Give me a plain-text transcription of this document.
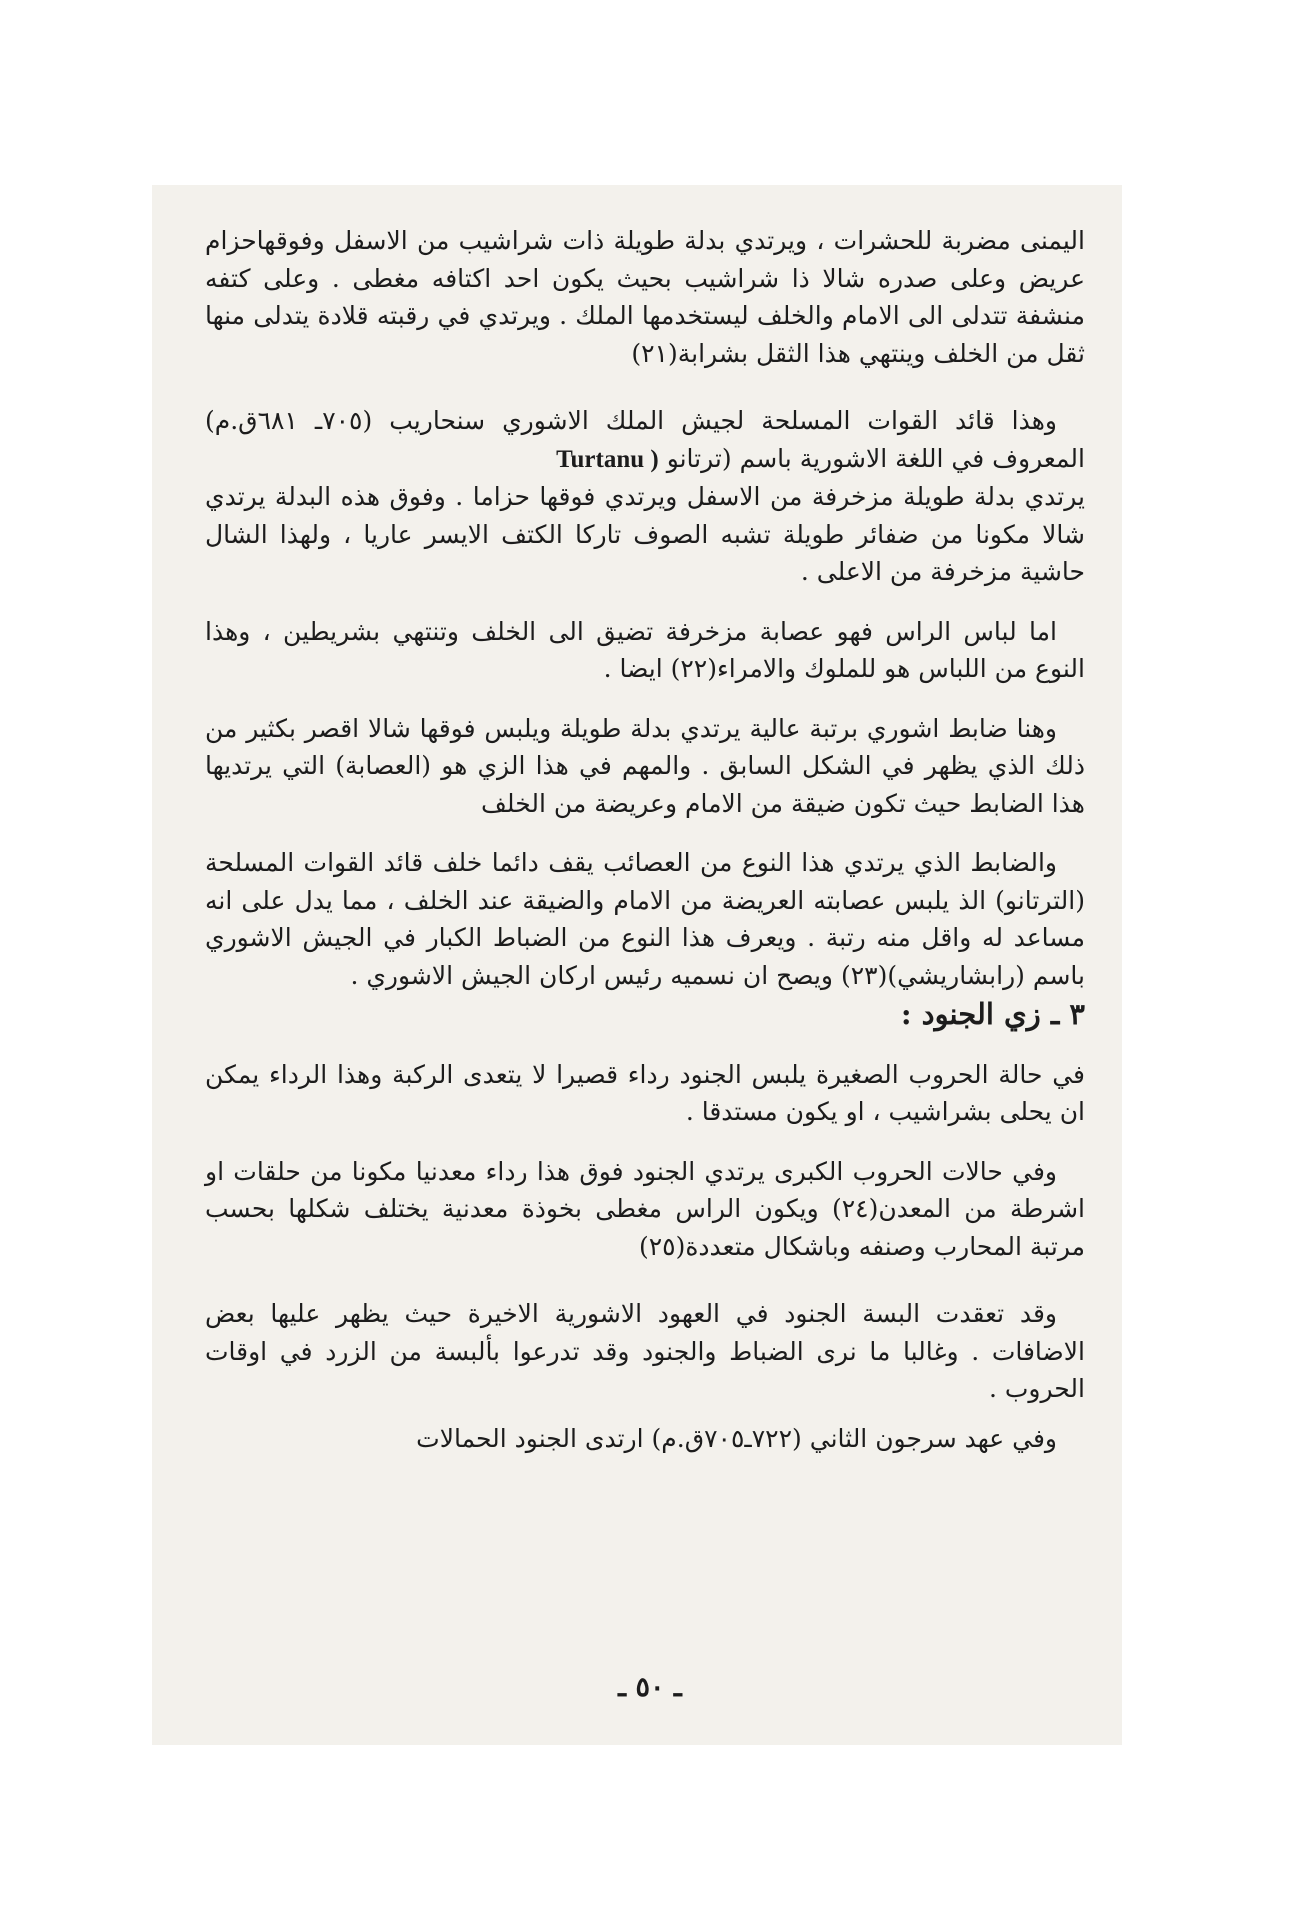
اليمنى مضربة للحشرات ، ويرتدي بدلة طويلة ذات شراشيب من الاسفل وفوقهاحزام عريض وعلى صدره شالا ذا شراشيب بحيث يكون احد اكتافه مغطى . وعلى كتفه منشفة تتدلى الى الامام والخلف ليستخدمها الملك . ويرتدي في رقبته قلادة يتدلى منها ثقل من الخلف وينتهي هذا الثقل بشرابة(٢١)

وهذا قائد القوات المسلحة لجيش الملك الاشوري سنحاريب (٧٠٥ـ ٦٨١ق.م) المعروف في اللغة الاشورية باسم (ترتانو Turtanu )

يرتدي بدلة طويلة مزخرفة من الاسفل ويرتدي فوقها حزاما . وفوق هذه البدلة يرتدي شالا مكونا من ضفائر طويلة تشبه الصوف تاركا الكتف الايسر عاريا ، ولهذا الشال حاشية مزخرفة من الاعلى .

اما لباس الراس فهو عصابة مزخرفة تضيق الى الخلف وتنتهي بشريطين ، وهذا النوع من اللباس هو للملوك والامراء(٢٢) ايضا .

وهنا ضابط اشوري برتبة عالية يرتدي بدلة طويلة ويلبس فوقها شالا اقصر بكثير من ذلك الذي يظهر في الشكل السابق . والمهم في هذا الزي هو (العصابة) التي يرتديها هذا الضابط حيث تكون ضيقة من الامام وعريضة من الخلف

والضابط الذي يرتدي هذا النوع من العصائب يقف دائما خلف قائد القوات المسلحة (الترتانو) الذ يلبس عصابته العريضة من الامام والضيقة عند الخلف ، مما يدل على انه مساعد له واقل منه رتبة . ويعرف هذا النوع من الضباط الكبار في الجيش الاشوري باسم (رابشاريشي)(٢٣) ويصح ان نسميه رئيس اركان الجيش الاشوري .

٣ ـ زي الجنود :

في حالة الحروب الصغيرة يلبس الجنود رداء قصيرا لا يتعدى الركبة وهذا الرداء يمكن ان يحلى بشراشيب ، او يكون مستدقا .

وفي حالات الحروب الكبرى يرتدي الجنود فوق هذا رداء معدنيا مكونا من حلقات او اشرطة من المعدن(٢٤) ويكون الراس مغطى بخوذة معدنية يختلف شكلها بحسب مرتبة المحارب وصنفه وباشكال متعددة(٢٥)

وقد تعقدت البسة الجنود في العهود الاشورية الاخيرة حيث يظهر عليها بعض الاضافات . وغالبا ما نرى الضباط والجنود وقد تدرعوا بألبسة من الزرد في اوقات الحروب .

وفي عهد سرجون الثاني (٧٢٢ـ٧٠٥ق.م) ارتدى الجنود الحمالات

ـ ٥٠ ـ
